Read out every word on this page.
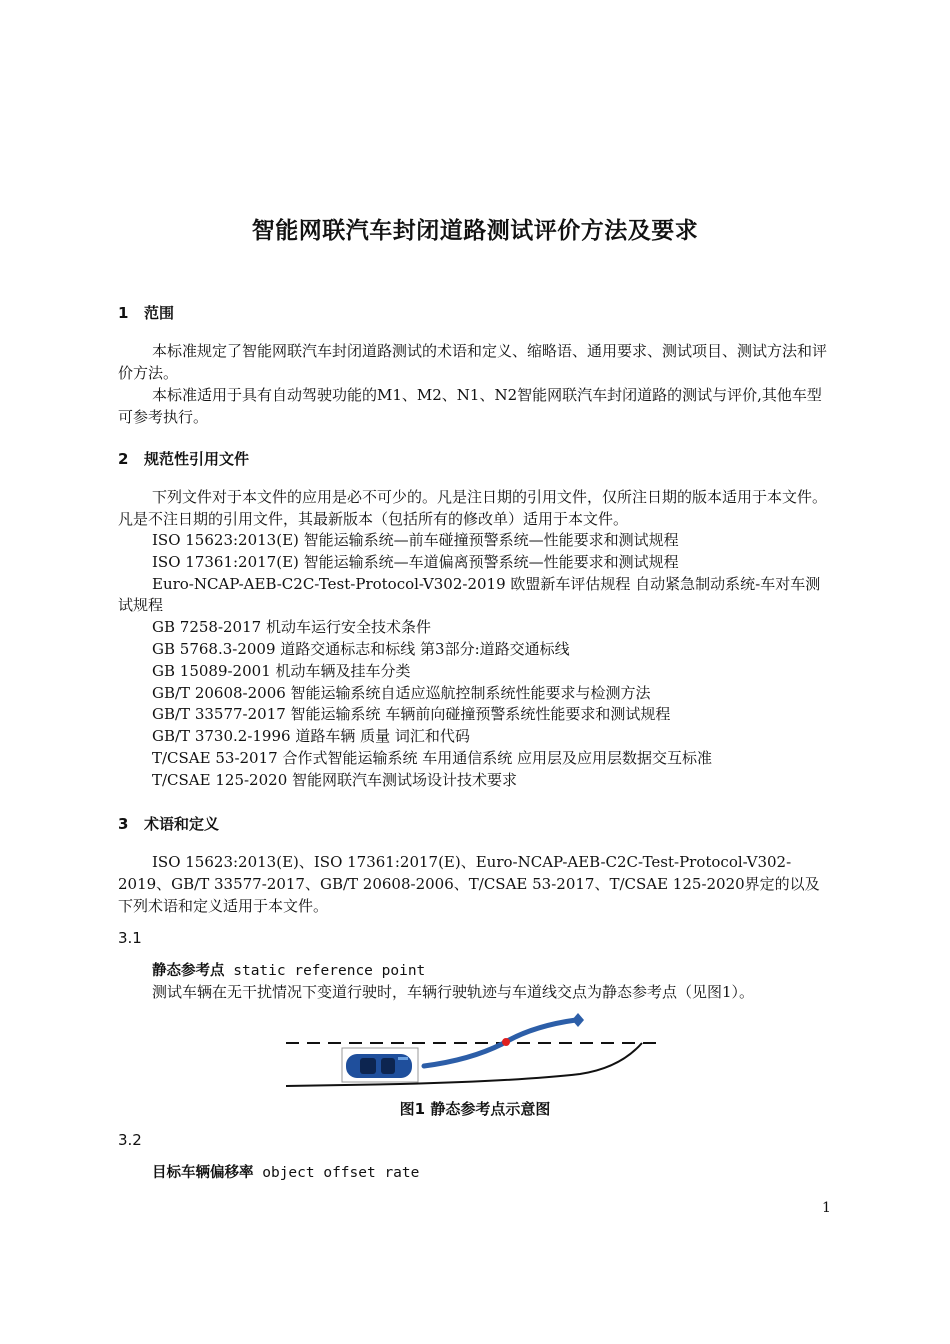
智能网联汽车封闭道路测试评价方法及要求
1 范围
本标准规定了智能网联汽车封闭道路测试的术语和定义、缩略语、通用要求、测试项目、测试方法和评价方法。
本标准适用于具有自动驾驶功能的M1、M2、N1、N2智能网联汽车封闭道路的测试与评价,其他车型可参考执行。
2 规范性引用文件
下列文件对于本文件的应用是必不可少的。凡是注日期的引用文件，仅所注日期的版本适用于本文件。凡是不注日期的引用文件，其最新版本（包括所有的修改单）适用于本文件。
ISO 15623:2013(E) 智能运输系统—前车碰撞预警系统—性能要求和测试规程
ISO 17361:2017(E) 智能运输系统—车道偏离预警系统—性能要求和测试规程
Euro-NCAP-AEB-C2C-Test-Protocol-V302-2019 欧盟新车评估规程 自动紧急制动系统-车对车测试规程
GB 7258-2017 机动车运行安全技术条件
GB 5768.3-2009 道路交通标志和标线 第3部分:道路交通标线
GB 15089-2001 机动车辆及挂车分类
GB/T 20608-2006 智能运输系统自适应巡航控制系统性能要求与检测方法
GB/T 33577-2017 智能运输系统 车辆前向碰撞预警系统性能要求和测试规程
GB/T 3730.2-1996 道路车辆 质量 词汇和代码
T/CSAE 53-2017 合作式智能运输系统 车用通信系统 应用层及应用层数据交互标准
T/CSAE 125-2020 智能网联汽车测试场设计技术要求
3 术语和定义
ISO 15623:2013(E)、ISO 17361:2017(E)、Euro-NCAP-AEB-C2C-Test-Protocol-V302-2019、GB/T 33577-2017、GB/T 20608-2006、T/CSAE 53-2017、T/CSAE 125-2020界定的以及下列术语和定义适用于本文件。
3.1
静态参考点 static reference point
测试车辆在无干扰情况下变道行驶时，车辆行驶轨迹与车道线交点为静态参考点（见图1）。
图1 静态参考点示意图
3.2
目标车辆偏移率 object offset rate
1
